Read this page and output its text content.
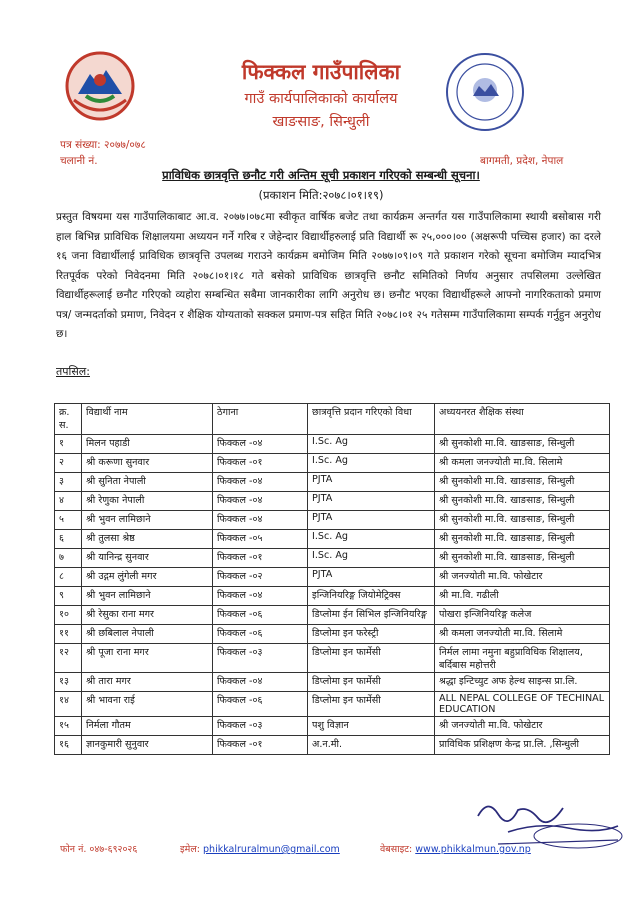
फिक्कल गाउँपालिका
गाउँ कार्यपालिकाको कार्यालय
खाङसाङ, सिन्धुली
पत्र संख्या: २०७७/०७८
चलानी नं.	बागमती, प्रदेश, नेपाल
प्राविधिक छात्रवृत्ति छनौट गरी अन्तिम सूची प्रकाशन गरिएको सम्बन्धी सूचना।
(प्रकाशन मिति:२०७८।०१।१९)
प्रस्तुत विषयमा यस गाउँपालिकाबाट आ.व. २०७७।०७८मा स्वीकृत वार्षिक बजेट तथा कार्यक्रम अन्तर्गत यस गाउँपालिकामा स्थायी बसोबास गरी हाल बिभिन्न प्राविधिक शिक्षालयमा अध्ययन गर्ने गरिब र जेहेन्दार विद्यार्थीहरुलाई प्रति विद्यार्थी रू २५,०००।०० (अक्षरूपी पच्चिस हजार) का दरले १६ जना विद्यार्थीलाई प्राविधिक छात्रवृत्ति उपलब्ध गराउने कार्यक्रम बमोजिम मिति २०७७।०९।०९ गते प्रकाशन गरेको सूचना बमोजिम म्यादभित्र रितपूर्वक परेको निवेदनमा मिति २०७८।०१।१८ गते बसेको प्राविधिक छात्रवृत्ति छनौट समितिको निर्णय अनुसार तपसिलमा उल्लेखित विद्यार्थीहरूलाई छनौट गरिएको व्यहोरा सम्बन्धित सबैमा जानकारीका लागि अनुरोध छ। छनौट भएका विद्यार्थीहरूले आफ्नो नागरिकताको प्रमाण पत्र/ जन्मदर्ताको प्रमाण, निवेदन र शैक्षिक योग्यताको सक्कल प्रमाण-पत्र सहित मिति २०७८।०१ २५ गतेसम्म गाउँपालिकामा सम्पर्क गर्नुहुन अनुरोध छ।
तपसिल:
क्र. स.	विद्यार्थी नाम	ठेगाना	छात्रवृत्ति प्रदान गरिएको विधा	अध्ययनरत शैक्षिक संस्था
१	मिलन पहाडी	फिक्कल -०४	I.Sc. Ag	श्री सुनकोशी मा.वि. खाङसाङ, सिन्धुली
२	श्री करूणा सुनवार	फिक्कल -०१	I.Sc. Ag	श्री कमला जनज्योती मा.वि. सिलामे
३	श्री सुनिता नेपाली	फिक्कल -०४	PJTA	श्री सुनकोशी मा.वि. खाङसाङ, सिन्धुली
४	श्री रेणुका नेपाली	फिक्कल -०४	PJTA	श्री सुनकोशी मा.वि. खाङसाङ, सिन्धुली
५	श्री भुवन लामिछाने	फिक्कल -०४	PJTA	श्री सुनकोशी मा.वि. खाङसाङ, सिन्धुली
६	श्री तुलसा श्रेष्ठ	फिक्कल -०५	I.Sc. Ag	श्री सुनकोशी मा.वि. खाङसाङ, सिन्धुली
७	श्री यानिन्द्र सुनवार	फिक्कल -०१	I.Sc. Ag	श्री सुनकोशी मा.वि. खाङसाङ, सिन्धुली
८	श्री उद्गम लुंगेली मगर	फिक्कल -०२	PJTA	श्री जनज्योती मा.वि. फोखेटार
९	श्री भुवन लामिछाने	फिक्कल -०४	इन्जिनियरिङ्ग जियोमेट्रिक्स	श्री मा.वि. गढीली
१०	श्री रेसुका राना मगर	फिक्कल -०६	डिप्लोमा ईन सिभिल इन्जिनियरिङ्ग	पोखरा इन्जिनियरिङ्ग कलेज
११	श्री छबिलाल नेपाली	फिक्कल -०६	डिप्लोमा इन फरेस्ट्री	श्री कमला जनज्योती मा.वि. सिलामे
१२	श्री पूजा राना मगर	फिक्कल -०३	डिप्लोमा इन फार्मेसी	निर्मल लामा नमुना बहुप्राविधिक शिक्षालय, बर्दिबास महोत्तरी
१३	श्री तारा मगर	फिक्कल -०४	डिप्लोमा इन फार्मेसी	श्रद्धा इन्टिच्युट अफ हेल्थ साइन्स प्रा.लि.
१४	श्री भावना राई	फिक्कल -०६	डिप्लोमा इन फार्मेसी	ALL NEPAL COLLEGE OF TECHINAL EDUCATION
१५	निर्मला गौतम	फिक्कल -०३	पशु विज्ञान	श्री जनज्योती मा.वि. फोखेटार
१६	ज्ञानकुमारी सुनुवार	फिक्कल -०१	अ.न.मी.	प्राविधिक प्रशिक्षण केन्द्र प्रा.लि. ,सिन्धुली
फोन नं. ०४७-६९२०२६	इमेल: phikkalruralmun@gmail.com	वेबसाइट: www.phikkalmun.gov.np
